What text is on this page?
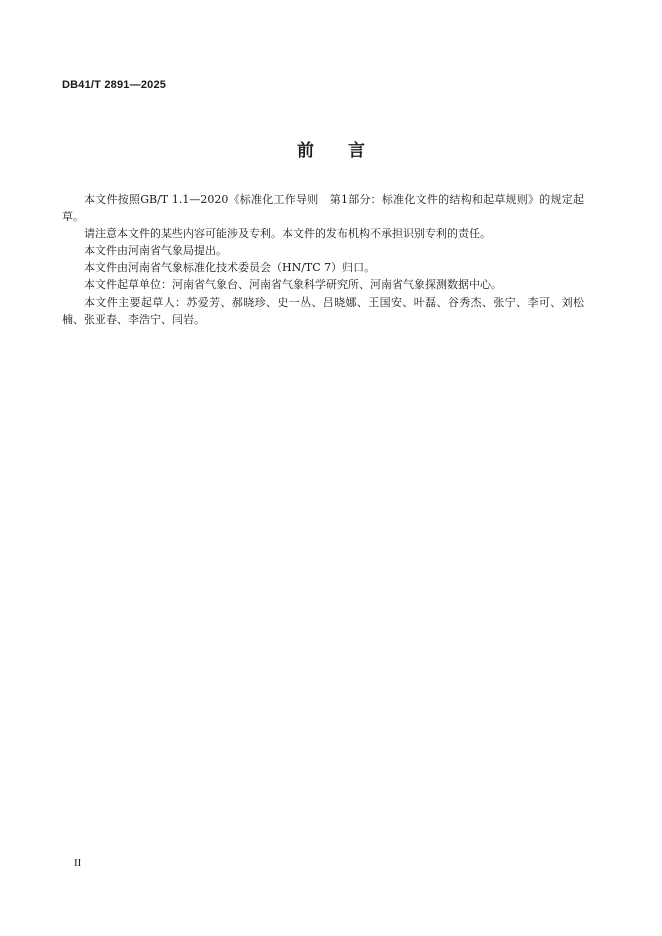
DB41/T 2891—2025
前 言

本文件按照GB/T 1.1—2020《标准化工作导则　第1部分：标准化文件的结构和起草规则》的规定起草。

请注意本文件的某些内容可能涉及专利。本文件的发布机构不承担识别专利的责任。

本文件由河南省气象局提出。

本文件由河南省气象标准化技术委员会（HN/TC 7）归口。

本文件起草单位：河南省气象台、河南省气象科学研究所、河南省气象探测数据中心。

本文件主要起草人：苏爱芳、郝晓珍、史一丛、吕晓娜、王国安、叶磊、谷秀杰、张宁、李可、刘松楠、张亚春、李浩宁、闫岩。

II
